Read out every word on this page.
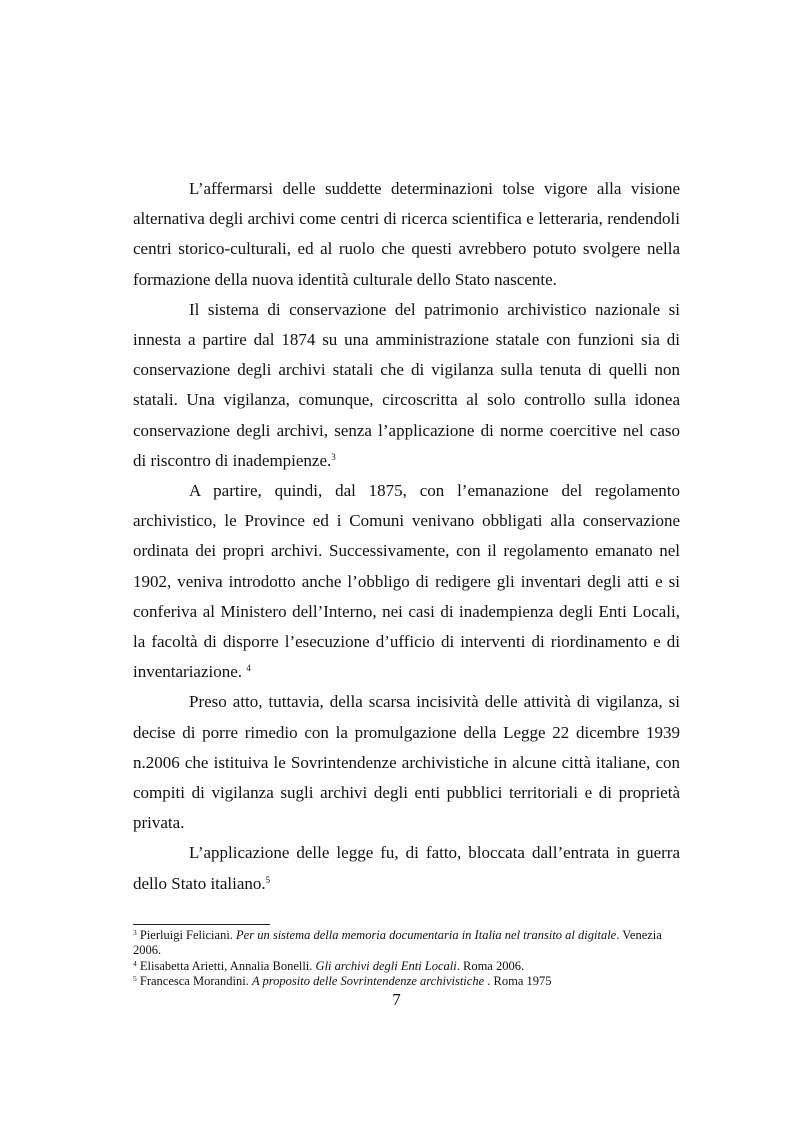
L’affermarsi delle suddette determinazioni tolse vigore alla visione alternativa degli archivi come centri di ricerca scientifica e letteraria, rendendoli centri storico-culturali, ed al ruolo che questi avrebbero potuto svolgere nella formazione della nuova identità culturale dello Stato nascente.

Il sistema di conservazione del patrimonio archivistico nazionale si innesta a partire dal 1874 su una amministrazione statale con funzioni sia di conservazione degli archivi statali che di vigilanza sulla tenuta di quelli non statali. Una vigilanza, comunque, circoscritta al solo controllo sulla idonea conservazione degli archivi, senza l’applicazione di norme coercitive nel caso di riscontro di inadempienze.$^3$

A partire, quindi, dal 1875, con l’emanazione del regolamento archivistico, le Province ed i Comuni venivano obbligati alla conservazione ordinata dei propri archivi. Successivamente, con il regolamento emanato nel 1902, veniva introdotto anche l’obbligo di redigere gli inventari degli atti e si conferiva al Ministero dell’Interno, nei casi di inadempienza degli Enti Locali, la facoltà di disporre l’esecuzione d’ufficio di interventi di riordinamento e di inventariazione. $^4$

Preso atto, tuttavia, della scarsa incisività delle attività di vigilanza, si decise di porre rimedio con la promulgazione della Legge 22 dicembre 1939 n.2006 che istituiva le Sovrintendenze archivistiche in alcune città italiane, con compiti di vigilanza sugli archivi degli enti pubblici territoriali e di proprietà privata.

L’applicazione delle legge fu, di fatto, bloccata dall’entrata in guerra dello Stato italiano.$^5$

$^3$ Pierluigi Feliciani. Per un sistema della memoria documentaria in Italia nel transito al digitale. Venezia 2006.
$^4$ Elisabetta Arietti, Annalia Bonelli. Gli archivi degli Enti Locali. Roma 2006.
$^5$ Francesca Morandini. A proposito delle Sovrintendenze archivistiche . Roma 1975
7
